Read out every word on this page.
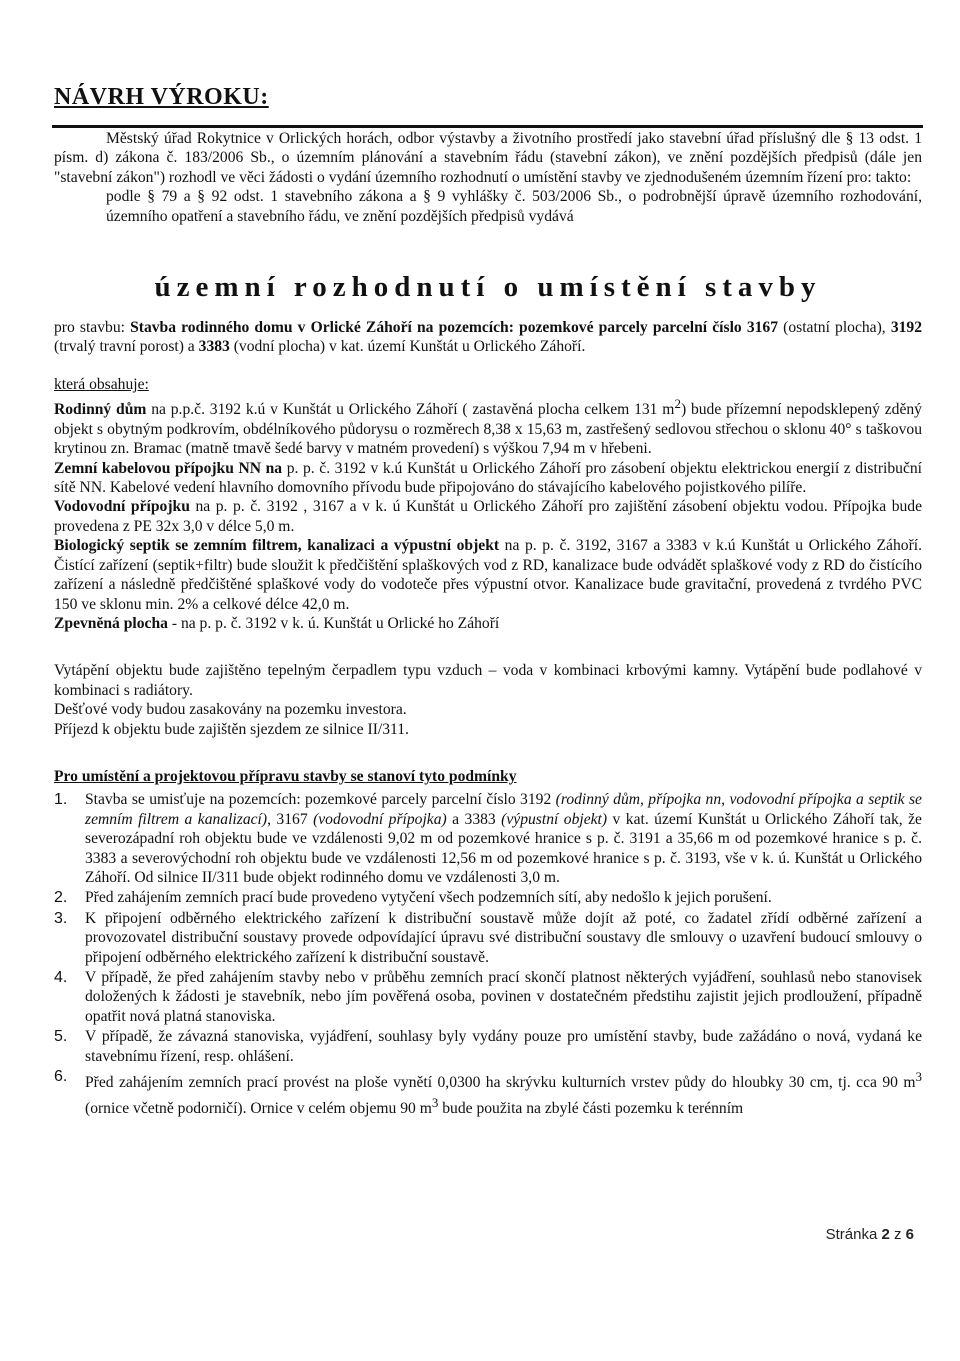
NÁVRH VÝROKU:

Městský úřad Rokytnice v Orlických horách, odbor výstavby a životního prostředí jako stavební úřad příslušný dle § 13 odst. 1 písm. d) zákona č. 183/2006 Sb., o územním plánování a stavebním řádu (stavební zákon), ve znění pozdějších předpisů (dále jen "stavební zákon") rozhodl ve věci žádosti o vydání územního rozhodnutí o umístění stavby ve zjednodušeném územním řízení pro: takto:

podle § 79 a § 92 odst. 1 stavebního zákona a § 9 vyhlášky č. 503/2006 Sb., o podrobnější úpravě územního rozhodování, územního opatření a stavebního řádu, ve znění pozdějších předpisů vydává

územní rozhodnutí o umístění stavby

pro stavbu: Stavba rodinného domu v Orlické Záhoří na pozemcích: pozemkové parcely parcelní číslo 3167 (ostatní plocha), 3192 (trvalý travní porost) a 3383 (vodní plocha) v kat. území Kunštát u Orlického Záhoří.

která obsahuje:

Rodinný dům na p.p.č. 3192 k.ú v Kunštát u Orlického Záhoří ( zastavěná plocha celkem 131 $m^2$) bude přízemní nepodsklepený zděný objekt s obytným podkrovím, obdélníkového půdorysu o rozměrech 8,38 x 15,63 m, zastřešený sedlovou střechou o sklonu 40° s taškovou krytinou zn. Bramac (matně tmavě šedé barvy v matném provedení) s výškou 7,94 m v hřebeni.

Zemní kabelovou přípojku NN na p. p. č. 3192 v k.ú Kunštát u Orlického Záhoří pro zásobení objektu elektrickou energií z distribuční sítě NN. Kabelové vedení hlavního domovního přívodu bude připojováno do stávajícího kabelového pojistkového pilíře.

Vodovodní přípojku na p. p. č. 3192 , 3167 a v k. ú Kunštát u Orlického Záhoří pro zajištění zásobení objektu vodou. Přípojka bude provedena z PE 32x 3,0 v délce 5,0 m.

Biologický septik se zemním filtrem, kanalizaci a výpustní objekt na p. p. č. 3192, 3167 a 3383 v k.ú Kunštát u Orlického Záhoří. Čistící zařízení (septik+filtr) bude sloužit k předčištění splaškových vod z RD, kanalizace bude odvádět splaškové vody z RD do čistícího zařízení a následně předčištěné splaškové vody do vodoteče přes výpustní otvor. Kanalizace bude gravitační, provedená z tvrdého PVC 150 ve sklonu min. 2% a celkové délce 42,0 m.

Zpevněná plocha - na p. p. č. 3192 v k. ú. Kunštát u Orlické ho Záhoří

Vytápění objektu bude zajištěno tepelným čerpadlem typu vzduch – voda v kombinaci krbovými kamny. Vytápění bude podlahové v kombinaci s radiátory.

Dešťové vody budou zasakovány na pozemku investora.

Příjezd k objektu bude zajištěn sjezdem ze silnice II/311.

Pro umístění a projektovou přípravu stavby se stanoví tyto podmínky

1. Stavba se umisťuje na pozemcích: pozemkové parcely parcelní číslo 3192 (rodinný dům, přípojka nn, vodovodní přípojka a septik se zemním filtrem a kanalizací), 3167 (vodovodní přípojka) a 3383 (výpustní objekt) v kat. území Kunštát u Orlického Záhoří tak, že severozápadní roh objektu bude ve vzdálenosti 9,02 m od pozemkové hranice s p. č. 3191 a 35,66 m od pozemkové hranice s p. č. 3383 a severovýchodní roh objektu bude ve vzdálenosti 12,56 m od pozemkové hranice s p. č. 3193, vše v k. ú. Kunštát u Orlického Záhoří. Od silnice II/311 bude objekt rodinného domu ve vzdálenosti 3,0 m.
2. Před zahájením zemních prací bude provedeno vytyčení všech podzemních sítí, aby nedošlo k jejich porušení.
3. K připojení odběrného elektrického zařízení k distribuční soustavě může dojít až poté, co žadatel zřídí odběrné zařízení a provozovatel distribuční soustavy provede odpovídající úpravu své distribuční soustavy dle smlouvy o uzavření budoucí smlouvy o připojení odběrného elektrického zařízení k distribuční soustavě.
4. V případě, že před zahájením stavby nebo v průběhu zemních prací skončí platnost některých vyjádření, souhlasů nebo stanovisek doložených k žádosti je stavebník, nebo jím pověřená osoba, povinen v dostatečném předstihu zajistit jejich prodloužení, případně opatřit nová platná stanoviska.
5. V případě, že závazná stanoviska, vyjádření, souhlasy byly vydány pouze pro umístění stavby, bude zažádáno o nová, vydaná ke stavebnímu řízení, resp. ohlášení.
6. Před zahájením zemních prací provést na ploše vynětí 0,0300 ha skrývku kulturních vrstev půdy do hloubky 30 cm, tj. cca 90 $m^3$ (ornice včetně podorničí). Ornice v celém objemu 90 $m^3$ bude použita na zbylé části pozemku k terénním
Stránka 2 z 6
